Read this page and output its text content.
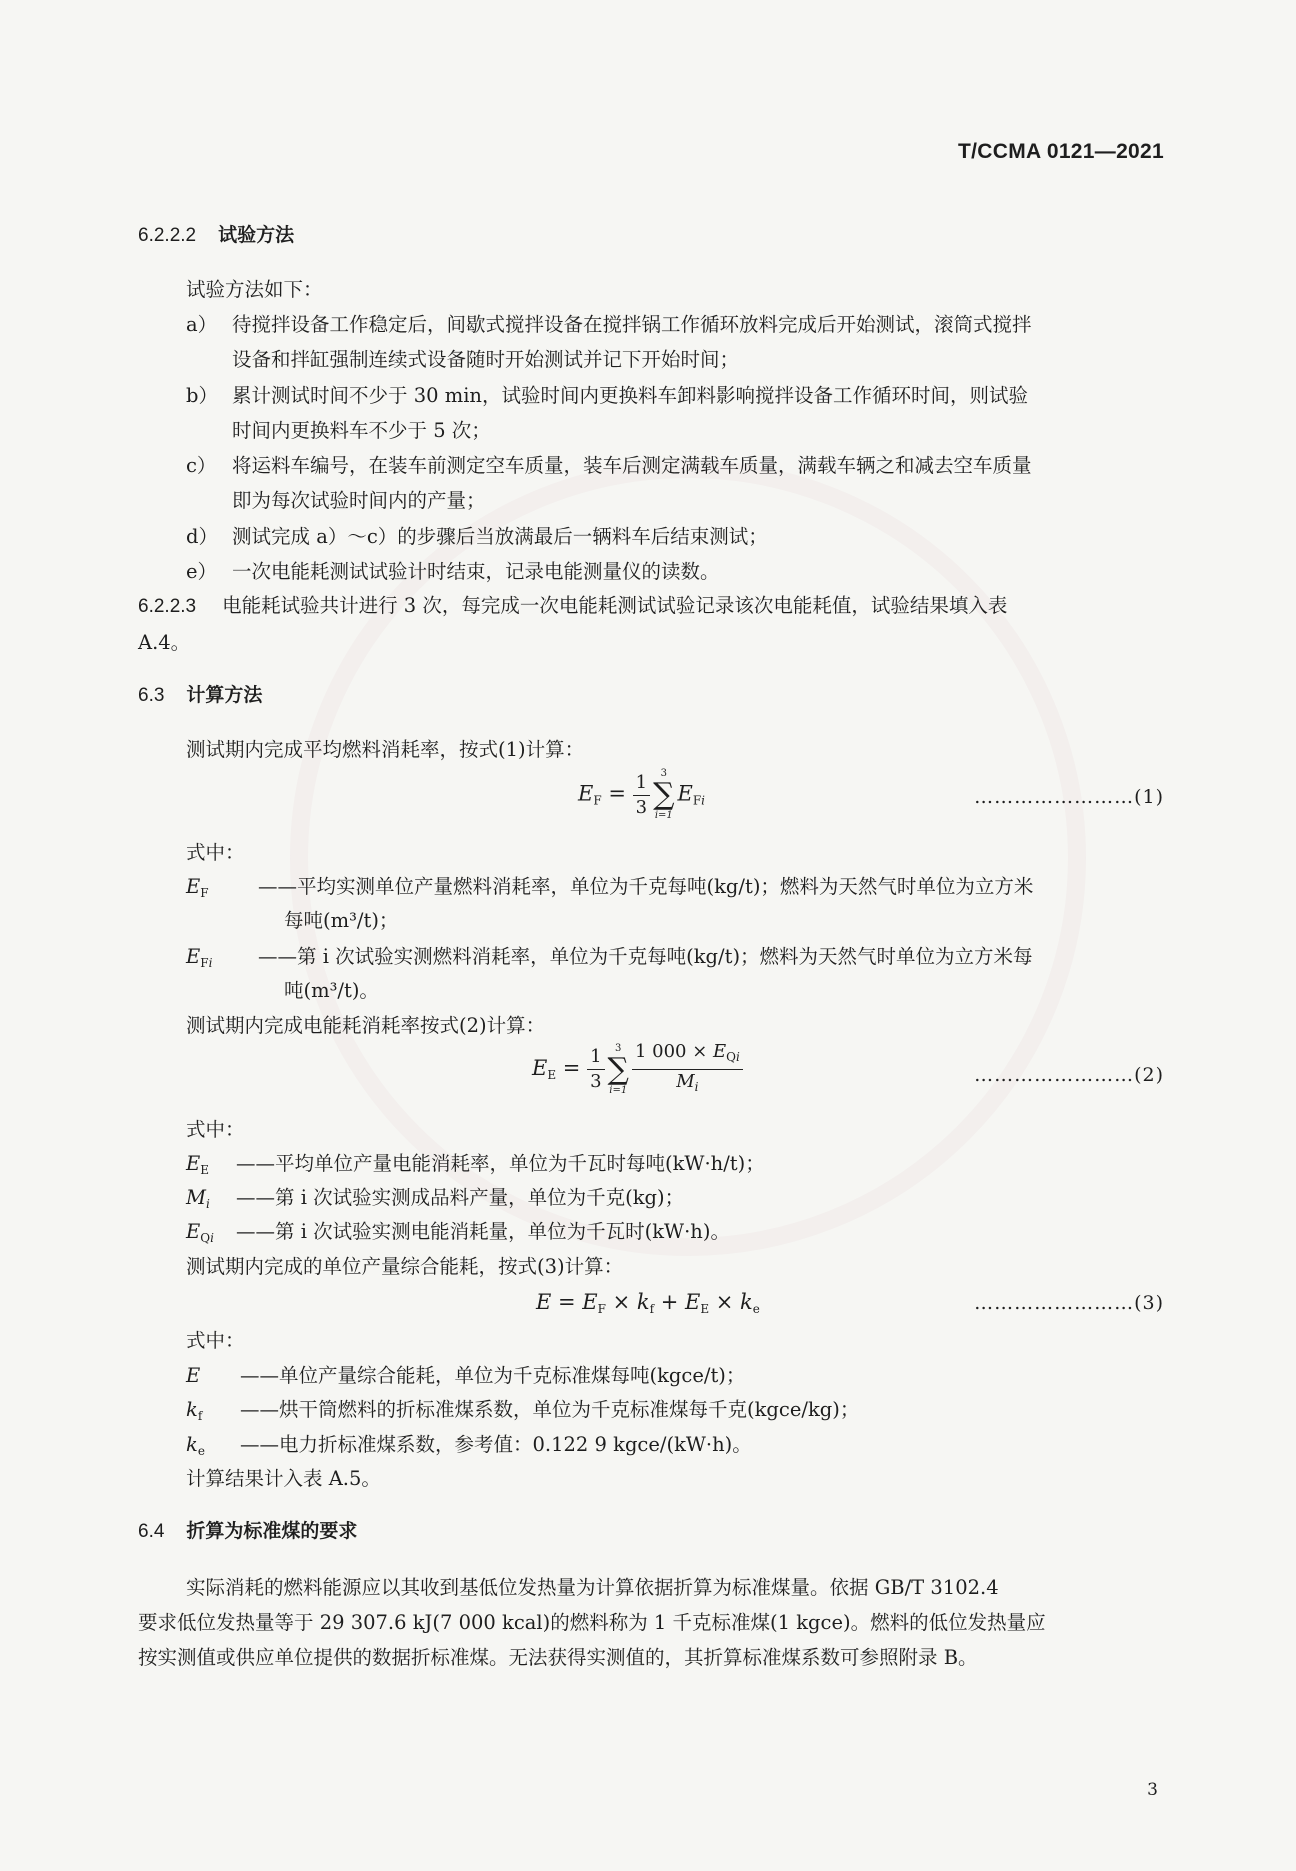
T/CCMA 0121—2021
6.2.2.2 试验方法
试验方法如下：
a） 待搅拌设备工作稳定后，间歇式搅拌设备在搅拌锅工作循环放料完成后开始测试，滚筒式搅拌
设备和拌缸强制连续式设备随时开始测试并记下开始时间；
b） 累计测试时间不少于 30 min，试验时间内更换料车卸料影响搅拌设备工作循环时间，则试验
时间内更换料车不少于 5 次；
c） 将运料车编号，在装车前测定空车质量，装车后测定满载车质量，满载车辆之和减去空车质量
即为每次试验时间内的产量；
d） 测试完成 a）～c）的步骤后当放满最后一辆料车后结束测试；
e） 一次电能耗测试试验计时结束，记录电能测量仪的读数。
6.2.2.3 电能耗试验共计进行 3 次，每完成一次电能耗测试试验记录该次电能耗值，试验结果填入表
A.4。
6.3 计算方法
测试期内完成平均燃料消耗率，按式(1)计算：
$E_F = \frac{1}{3}$	3
∑
i=1
$E_{Fi}$	……………………(1)
式中：
$E_F$	——平均实测单位产量燃料消耗率，单位为千克每吨(kg/t)；燃料为天然气时单位为立方米
每吨(m³/t)；
$E_{Fi}$ ——第 i 次试验实测燃料消耗率，单位为千克每吨(kg/t)；燃料为天然气时单位为立方米每
吨(m³/t)。
测试期内完成电能耗消耗率按式(2)计算：
$E_E = \frac{1}{3}$	3
∑
$i=1 \frac{1 000 \times E_{Qi}}{M_i}$	……………………(2)
式中：
$E_E$ ——平均单位产量电能消耗率，单位为千瓦时每吨(kW·h/t)；
$M_i$ ——第 i 次试验实测成品料产量，单位为千克(kg)；
$E_{Qi}$ ——第 i 次试验实测电能消耗量，单位为千瓦时(kW·h)。
测试期内完成的单位产量综合能耗，按式(3)计算：
$E = E_F \times k_f + E_E \times k_e$	……………………(3)
式中：
E ——单位产量综合能耗，单位为千克标准煤每吨(kgce/t)；
$k_f$ ——烘干筒燃料的折标准煤系数，单位为千克标准煤每千克(kgce/kg)；
$k_e$ ——电力折标准煤系数，参考值：0.122 9 kgce/(kW·h)。
计算结果计入表 A.5。
6.4 折算为标准煤的要求
实际消耗的燃料能源应以其收到基低位发热量为计算依据折算为标准煤量。依据 GB/T 3102.4
要求低位发热量等于 29 307.6 kJ(7 000 kcal)的燃料称为 1 千克标准煤(1 kgce)。燃料的低位发热量应
按实测值或供应单位提供的数据折标准煤。无法获得实测值的，其折算标准煤系数可参照附录 B。
3
